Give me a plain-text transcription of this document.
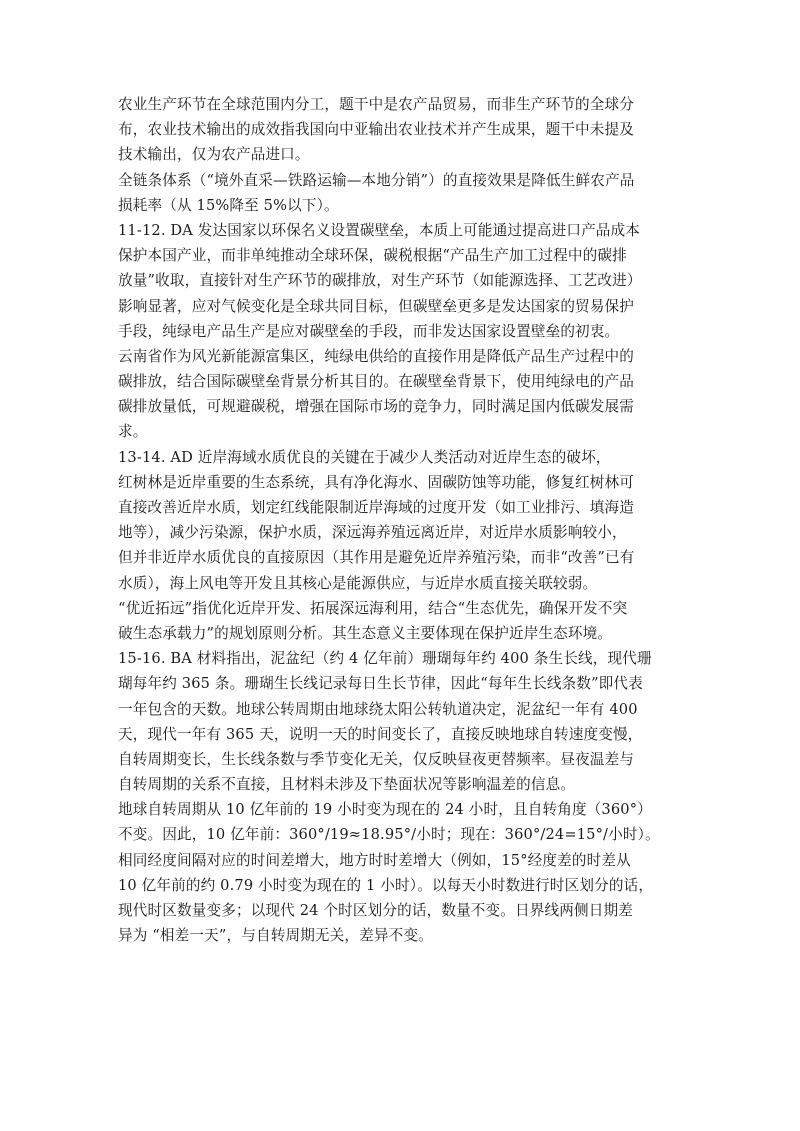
农业生产环节在全球范围内分工，题干中是农产品贸易，而非生产环节的全球分
布，农业技术输出的成效指我国向中亚输出农业技术并产生成果，题干中未提及
技术输出，仅为农产品进口。
全链条体系（“境外直采—铁路运输—本地分销”）的直接效果是降低生鲜农产品
损耗率（从 15%降至 5%以下）。
11-12. DA 发达国家以环保名义设置碳壁垒，本质上可能通过提高进口产品成本
保护本国产业，而非单纯推动全球环保，碳税根据“产品生产加工过程中的碳排
放量”收取，直接针对生产环节的碳排放，对生产环节（如能源选择、工艺改进）
影响显著，应对气候变化是全球共同目标，但碳壁垒更多是发达国家的贸易保护
手段，纯绿电产品生产是应对碳壁垒的手段，而非发达国家设置壁垒的初衷。
云南省作为风光新能源富集区，纯绿电供给的直接作用是降低产品生产过程中的
碳排放，结合国际碳壁垒背景分析其目的。在碳壁垒背景下，使用纯绿电的产品
碳排放量低，可规避碳税，增强在国际市场的竞争力，同时满足国内低碳发展需
求。
13-14. AD 近岸海域水质优良的关键在于减少人类活动对近岸生态的破坏，
红树林是近岸重要的生态系统，具有净化海水、固碳防蚀等功能，修复红树林可
直接改善近岸水质，划定红线能限制近岸海域的过度开发（如工业排污、填海造
地等），减少污染源，保护水质，深远海养殖远离近岸，对近岸水质影响较小，
但并非近岸水质优良的直接原因（其作用是避免近岸养殖污染，而非“改善”已有
水质），海上风电等开发且其核心是能源供应，与近岸水质直接关联较弱。
“优近拓远”指优化近岸开发、拓展深远海利用，结合“生态优先，确保开发不突
破生态承载力”的规划原则分析。其生态意义主要体现在保护近岸生态环境。
15-16. BA 材料指出，泥盆纪（约 4 亿年前）珊瑚每年约 400 条生长线，现代珊
瑚每年约 365 条。珊瑚生长线记录每日生长节律，因此“每年生长线条数”即代表
一年包含的天数。地球公转周期由地球绕太阳公转轨道决定，泥盆纪一年有 400
天，现代一年有 365 天，说明一天的时间变长了，直接反映地球自转速度变慢，
自转周期变长，生长线条数与季节变化无关，仅反映昼夜更替频率。昼夜温差与
自转周期的关系不直接，且材料未涉及下垫面状况等影响温差的信息。
地球自转周期从 10 亿年前的 19 小时变为现在的 24 小时，且自转角度（360°）
不变。因此，10 亿年前：360°/19≈18.95°/小时；现在：360°/24=15°/小时）。
相同经度间隔对应的时间差增大，地方时时差增大（例如，15°经度差的时差从
10 亿年前的约 0.79 小时变为现在的 1 小时）。以每天小时数进行时区划分的话，
现代时区数量变多；以现代 24 个时区划分的话，数量不变。日界线两侧日期差
异为 “相差一天”，与自转周期无关，差异不变。
